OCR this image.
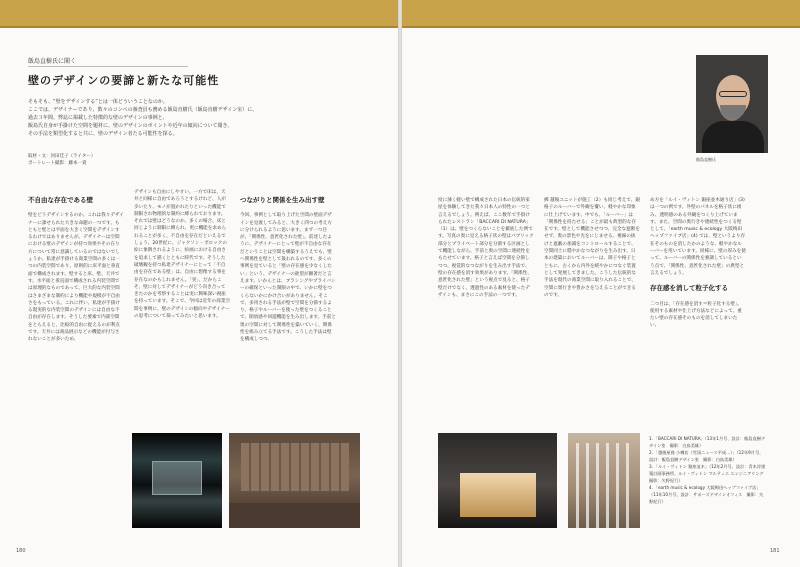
飯島直樹氏に聞く
壁のデザインの要諦と新たな可能性

そもそも、“壁をデザインする”とは一体どういうことなのか。

ここでは、デザイナーであり、数々のコンペの審査員も務める飯島直樹氏（飯島直樹デザイン室）に、

過去３年間、弊誌に掲載した特徴的な壁のデザインの事例と、

飯島氏自身が手掛けた空間を題材に、壁のデザインのポイントや近年の傾向について聞き、

その手法を類型化すると共に、壁のデザイン者たる可能性を探る。

取材・文：河田佳子（ライター）
ポートレート撮影：藤本一貴
不自由な存在である壁

壁をどうデザインするのか。これは我々デザイナーに課せられた大きな命題の一つです。もともと壁とは平面を大きく空間をデザインするわけではありませんが、デザイナーは空間における壁のデザインが持つ効果やその在り方について常に意識しているのではないでしょうか。私達が手掛ける商業空間の多くは一つの内装空間であり、原則的に床平面と垂直面で構成されます。壁すると床、壁、天井です。水平面と垂直面で構成される内装空間では原理的なものであって、巨大的な内装空間はさまざまな制約により機能や規模が不自由さをもっている。これに伴い、私達が手掛ける現実的な内装空間のデザインには自由な不自由が存在します。そうした要素で内部空間をとらえると、比較的自由に捉えるのが利点です。天井には商品展示などの機能が付与されないことが多いため、

デザインも自由にしやすい。一方で床は、天井と同様に自由であろうとするけれど、人が歩いたり、モノが置かれたりといった機能で制限され物理的な制約に縛られております。それでは壁はどうなのか。多くの場合、床と同じように制限に縛られ、更に機能を求められることが多く、不自由を存在だといえるでしょう。20世紀に、ジャクソン・ポロックの絵に象徴されるように、絵画における自由さを追求して描くとともに時代です。そうした破壊観を持つ私達デザイナーにとって「不自由を存在である壁」は、自由に想像する事を存在なのかもしれません。「実」、だからこそ、壁に対してデザイナーがどう向き合ってきたのかを考察することは実に興味深い視座を持っています。そこで、今回は近年の商業空間を事例に、壁のデザインの傾向やデザイナーの思考について探ってみたいと思います。

つながりと関係を生み出す壁

今回、事例として取り上げた空間の壁面デザインを見渡してみると、大きく四つの考え方に分けられるように思います。まず一つ目が、「関係性、意匠化された壁」。前述したように、デザイナーにとって壁が不自由な存在だということは空間を構築するうえでも、壁へ関係性を壁として扱われるのです。多くの事例を見ていると「壁の存在感を少なくしたい」という、デザイナーの欲望が顕著だと言えます。いかんとは、ブラシングやプライバシーの確保といった制限の中で、いかに壁をつくらないかにかけ合いがありません。そこで、多用される手法が壁で空間を分節するより、格子やルーバーを使った壁をつくることで、開放感や回遊機能を生み出します。手前と奥の空間に対して関係性を築いていく、関係性を組み立てる手法です。こうした手法は壁を構成しつつ、

180
飯島直樹氏

度に薄く軽い壁で構成された日本の伝統的家屋を体験してきた我々日本人の特性の一つと言えるでしょう。例えば、ここ数年で手掛けられたレストラン「BACCARI DI NATURA」（1）は、壁をつくらないことを徹底した例です。写真の奥に見える格子状の壁はパブリック部分とプライベート部分を分節する区画として機能しながら、手前と奥の空間に連続性をもたせています。格子と言えば空間を分節しつつ、視覚的なつながりを生み出す手法で、壁の存在感を消す効果があります。「関係性、意匠化された壁」という視点で見ると、格子壁だけでなく、透過性のある素材を使ったデザインも、まさにこの手法の一つです。

郵 越後ユニットが施工（2）も同じ考えで、銀格子のルーバーで外観を覆い、軽やかな印象に仕上げています。中でも、「ルーバー」は「関係性を持たせる」ことが最も典型的な存在です。壁として機能させつつ、完全な遮断をせず、奥の景色や光をにじませる。視線の抜けと遮蔽の加減をコントロールすることで、空間同士に穏やかなつながりを生み出す。日本の建築においてルーバーは、障子や格子とともに、古くから内外を緩やかにつなぐ装置として発展してきました。こうした伝統的な手法を現代の商業空間に取り入れることで、空間に奥行きや豊かさを与えることができるのです。

め方を「ルイ・ヴィトン 銀座並木通り店」(3) は一つの例です。外壁のパネルを格子状に組み、透明感のある外観をつくり上げています。また、空間の奥行きや連続性をつくる壁として、「earth music & ecology 大阪梅田ヘップファイブ店」(4) では、壁というより存在そのものを消したかのような、軽やかなルーバーを用いています。同様に、壁の厚みを使って、ルーバーの関係性を強調しているという点で、「関係性、意匠化された壁」の典型と言えるでしょう。

存在感を消して粒子化する

二つ目は、「存在感を消す＝粒子化する壁」。使用する素材や仕上げ方法などによって、重たい壁の存在感そのものを消してしまいたい、

1．「BACCARI DI NATURA」（13年1月号、設計：飯島直樹デザイン室　撮影：白鳥美雄）

2．「越後屋商 小樽店（雪国ニュース平成…）」（12年9月号、設計：飯島直樹デザイン室　撮影：白鳥美雄）

3．「ルイ・ヴィトン 銀座並木」（12年2月号、設計：青木淳建築計画事務所、ルイ・ヴィトン マルティエ エンジニアリング　撮影：矢野紀行）

4．「earth music & ecology 大阪梅田ヘップファイブ店」（11年10月号、設計：サポーズデザインオフィス　撮影：矢野紀行）

181
